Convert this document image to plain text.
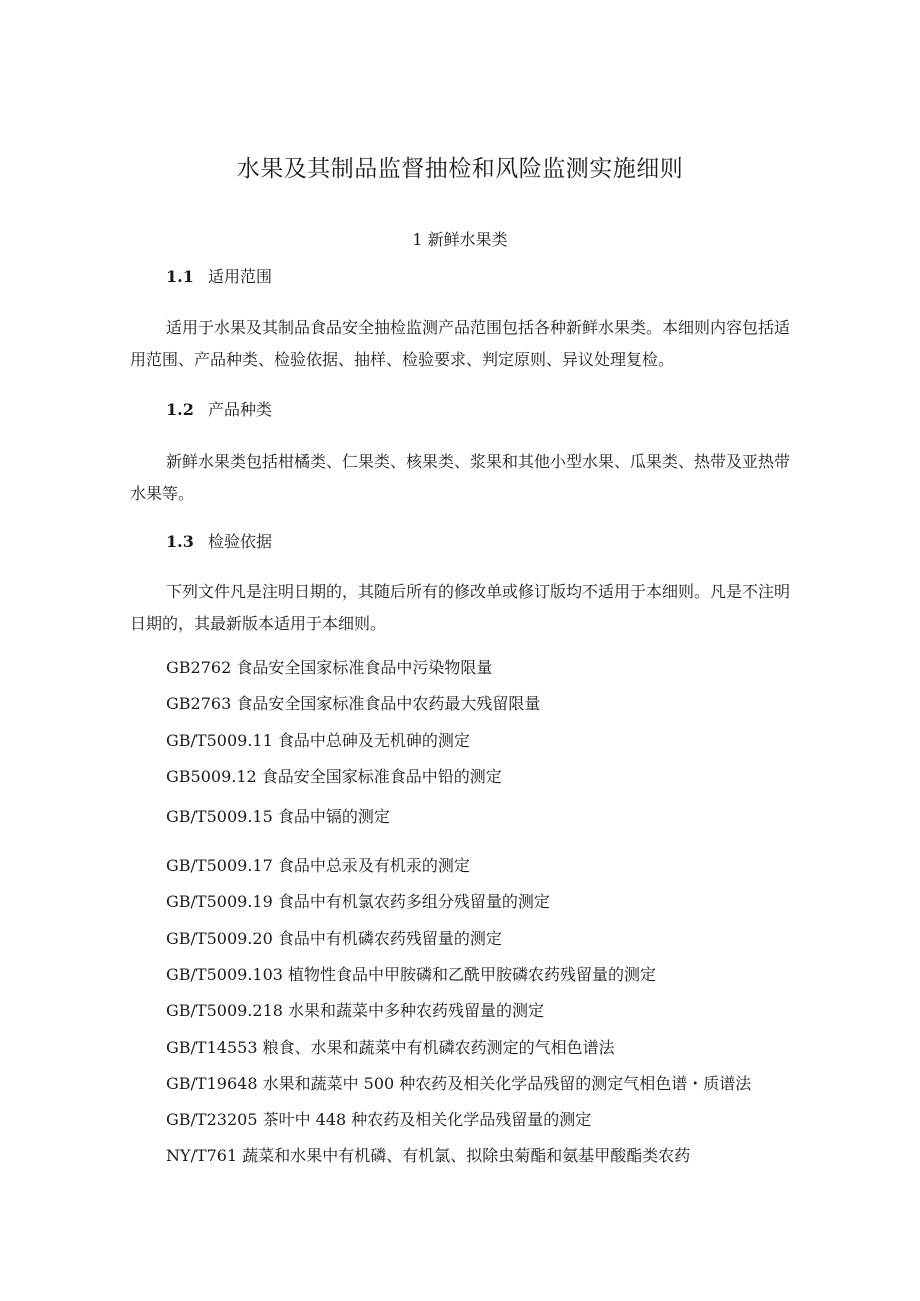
水果及其制品监督抽检和风险监测实施细则
1 新鲜水果类
1.1 适用范围
适用于水果及其制品食品安全抽检监测产品范围包括各种新鲜水果类。本细则内容包括适用范围、产品种类、检验依据、抽样、检验要求、判定原则、异议处理复检。
1.2 产品种类
新鲜水果类包括柑橘类、仁果类、核果类、浆果和其他小型水果、瓜果类、热带及亚热带水果等。
1.3 检验依据
下列文件凡是注明日期的，其随后所有的修改单或修订版均不适用于本细则。凡是不注明日期的，其最新版本适用于本细则。
GB2762 食品安全国家标准食品中污染物限量
GB2763 食品安全国家标准食品中农药最大残留限量
GB/T5009.11 食品中总砷及无机砷的测定
GB5009.12 食品安全国家标准食品中铅的测定
GB/T5009.15 食品中镉的测定
GB/T5009.17 食品中总汞及有机汞的测定
GB/T5009.19 食品中有机氯农药多组分残留量的测定
GB/T5009.20 食品中有机磷农药残留量的测定
GB/T5009.103 植物性食品中甲胺磷和乙酰甲胺磷农药残留量的测定
GB/T5009.218 水果和蔬菜中多种农药残留量的测定
GB/T14553 粮食、水果和蔬菜中有机磷农药测定的气相色谱法
GB/T19648 水果和蔬菜中 500 种农药及相关化学品残留的测定气相色谱・质谱法
GB/T23205 茶叶中 448 种农药及相关化学品残留量的测定
NY/T761 蔬菜和水果中有机磷、有机氯、拟除虫菊酯和氨基甲酸酯类农药
